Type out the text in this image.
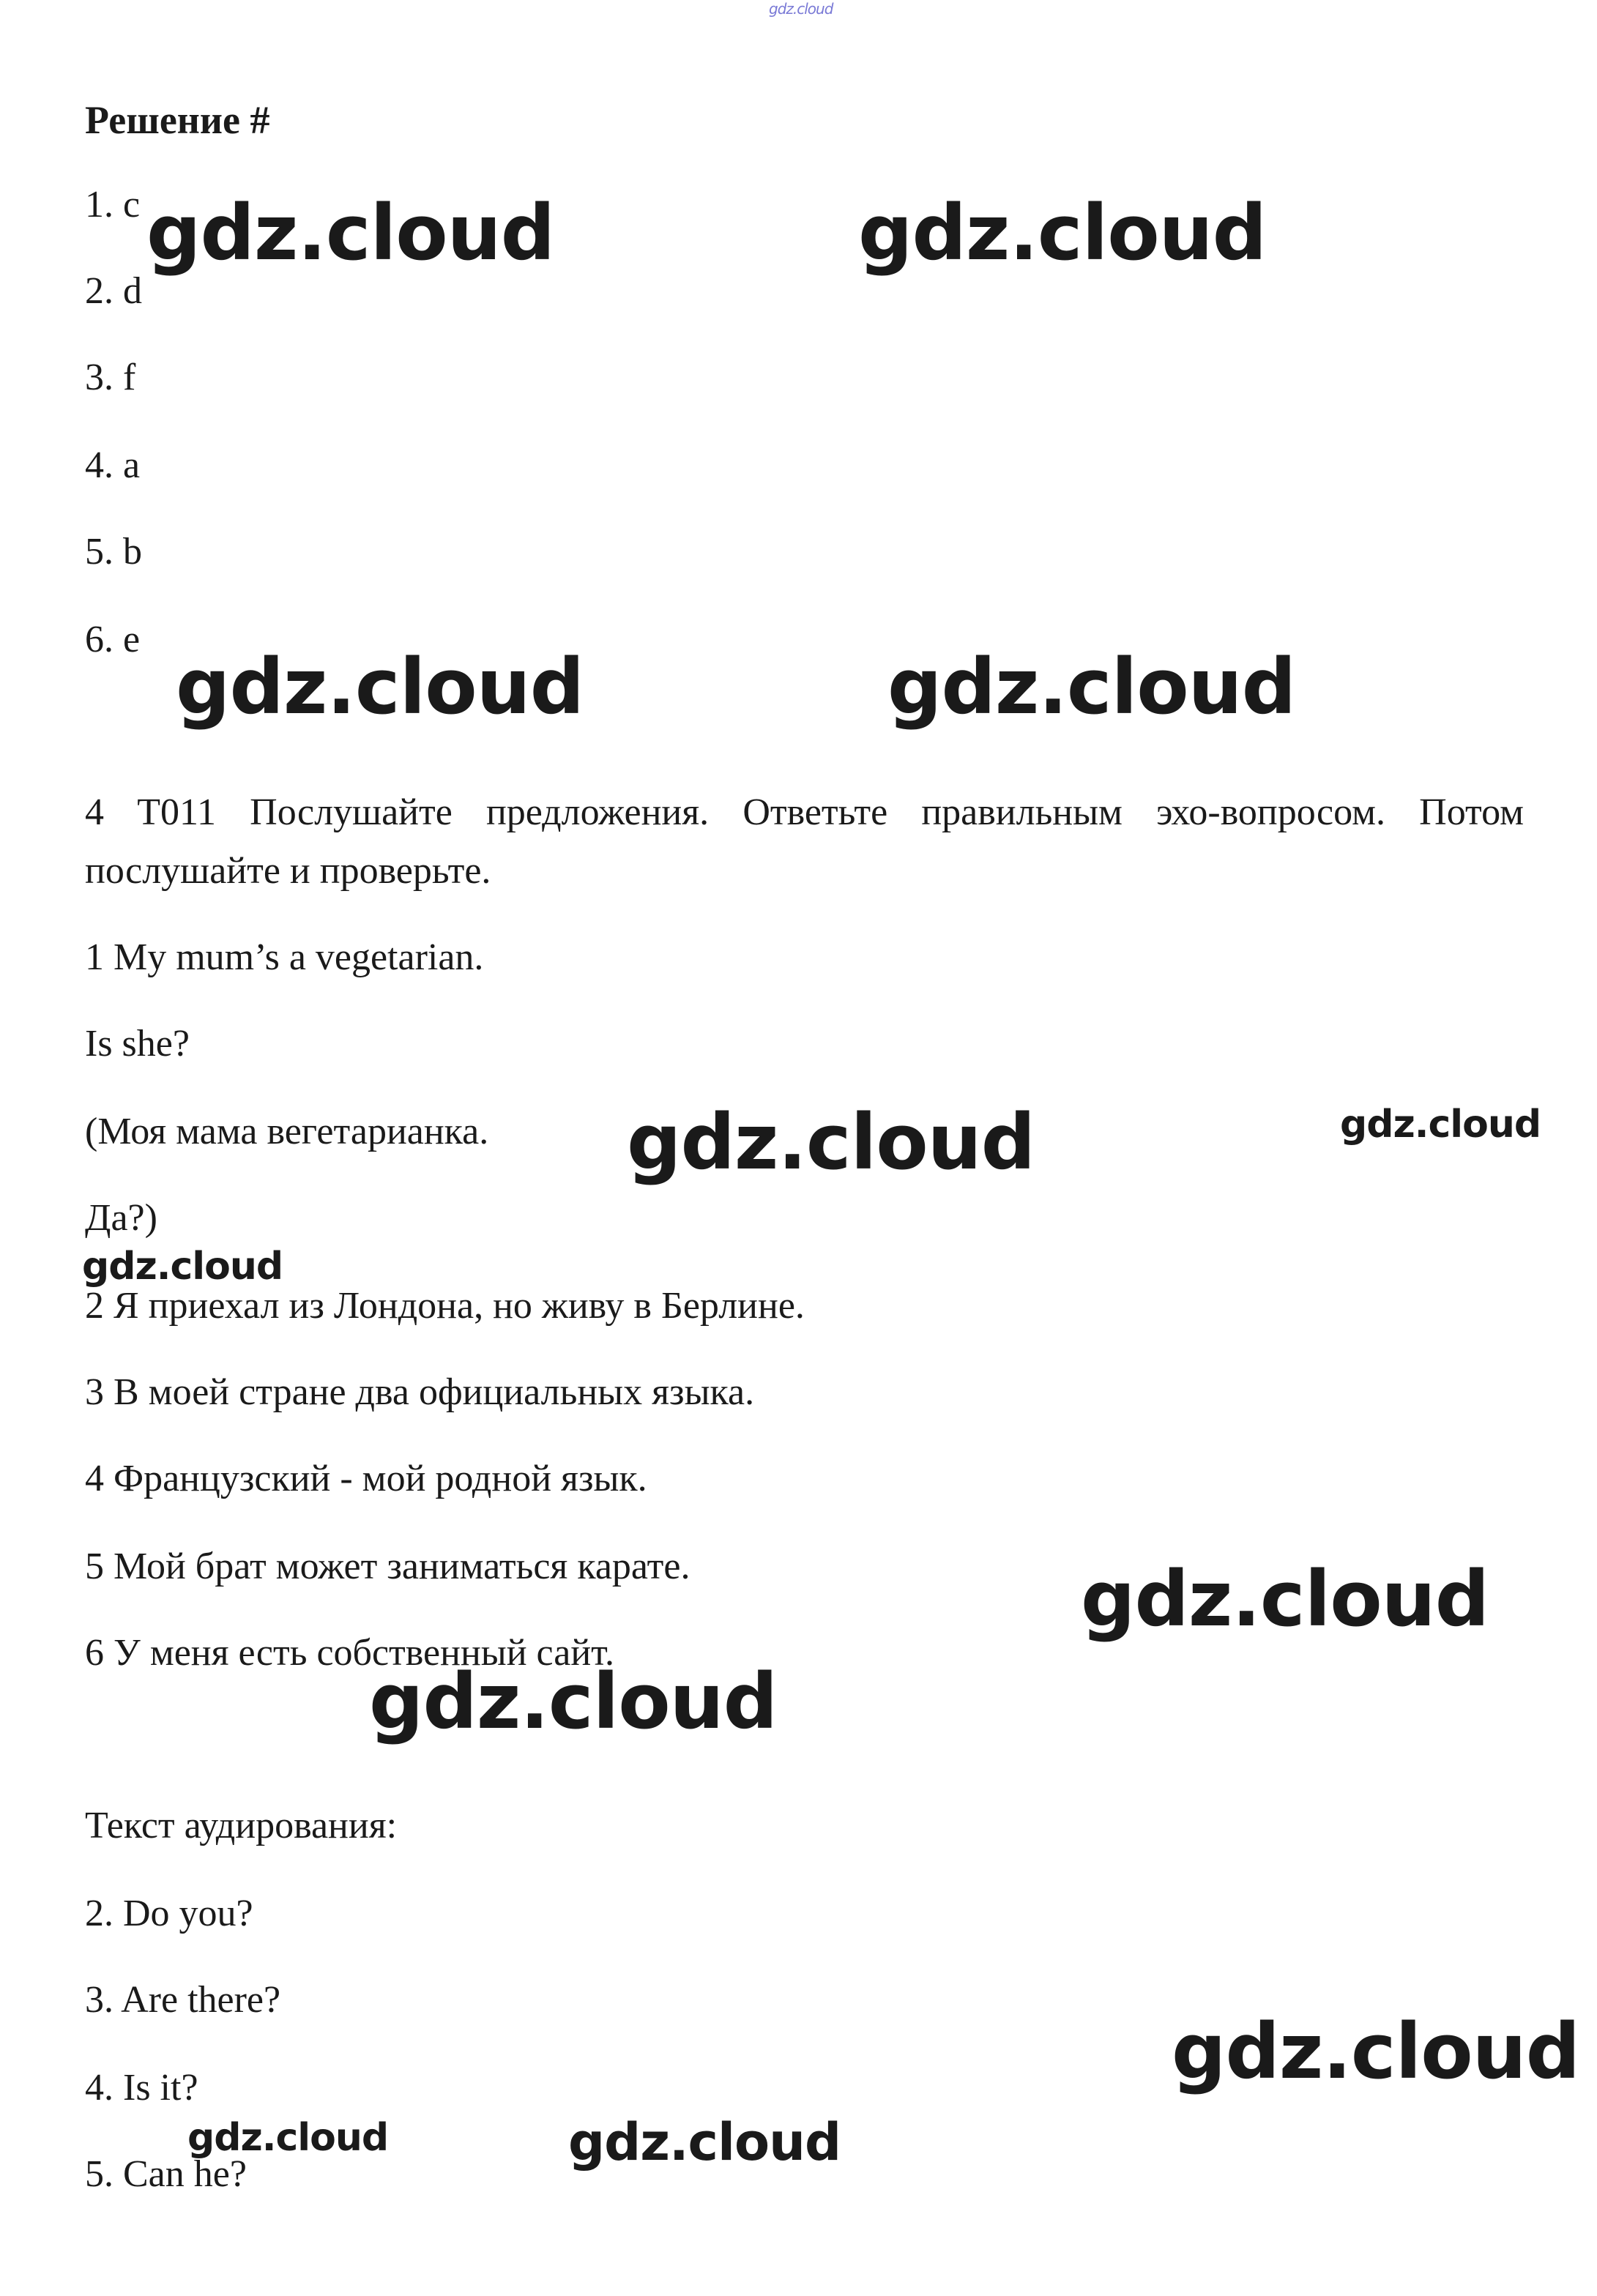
gdz.cloud
Решение #
1. c
2. d
3. f
4. a
5. b
6. e
4 T011 Послушайте предложения. Ответьте правильным эхо-вопросом. Потом послушайте и проверьте.
1 My mum’s a vegetarian.
Is she?
(Моя мама вегетарианка.
Да?)
2 Я приехал из Лондона, но живу в Берлине.
3 В моей стране два официальных языка.
4 Французский - мой родной язык.
5 Мой брат может заниматься карате.
6 У меня есть собственный сайт.
Текст аудирования:
2. Do you?
3. Are there?
4. Is it?
5. Can he?
gdz.cloud	gdz.cloud
gdz.cloud	gdz.cloud
gdz.cloud	gdz.cloud
gdz.cloud
gdz.cloud
gdz.cloud
gdz.cloud
gdz.cloud	gdz.cloud
